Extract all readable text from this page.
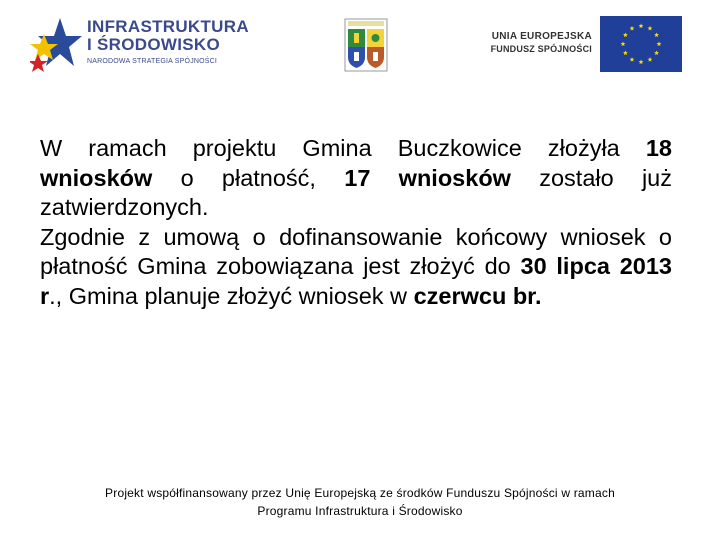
INFRASTRUKTURA
I ŚRODOWISKO
NARODOWA STRATEGIA SPÓJNOŚCI
UNIA EUROPEJSKA
FUNDUSZ SPÓJNOŚCI

W ramach projektu Gmina Buczkowice złożyła 18 wniosków o płatność, 17 wniosków zostało już zatwierdzonych.

Zgodnie z umową o dofinansowanie końcowy wniosek o płatność Gmina zobowiązana jest złożyć do 30 lipca 2013 r., Gmina planuje złożyć wniosek w czerwcu br.

Projekt współfinansowany przez Unię Europejską ze środków Funduszu Spójności w ramach
Programu Infrastruktura i Środowisko
